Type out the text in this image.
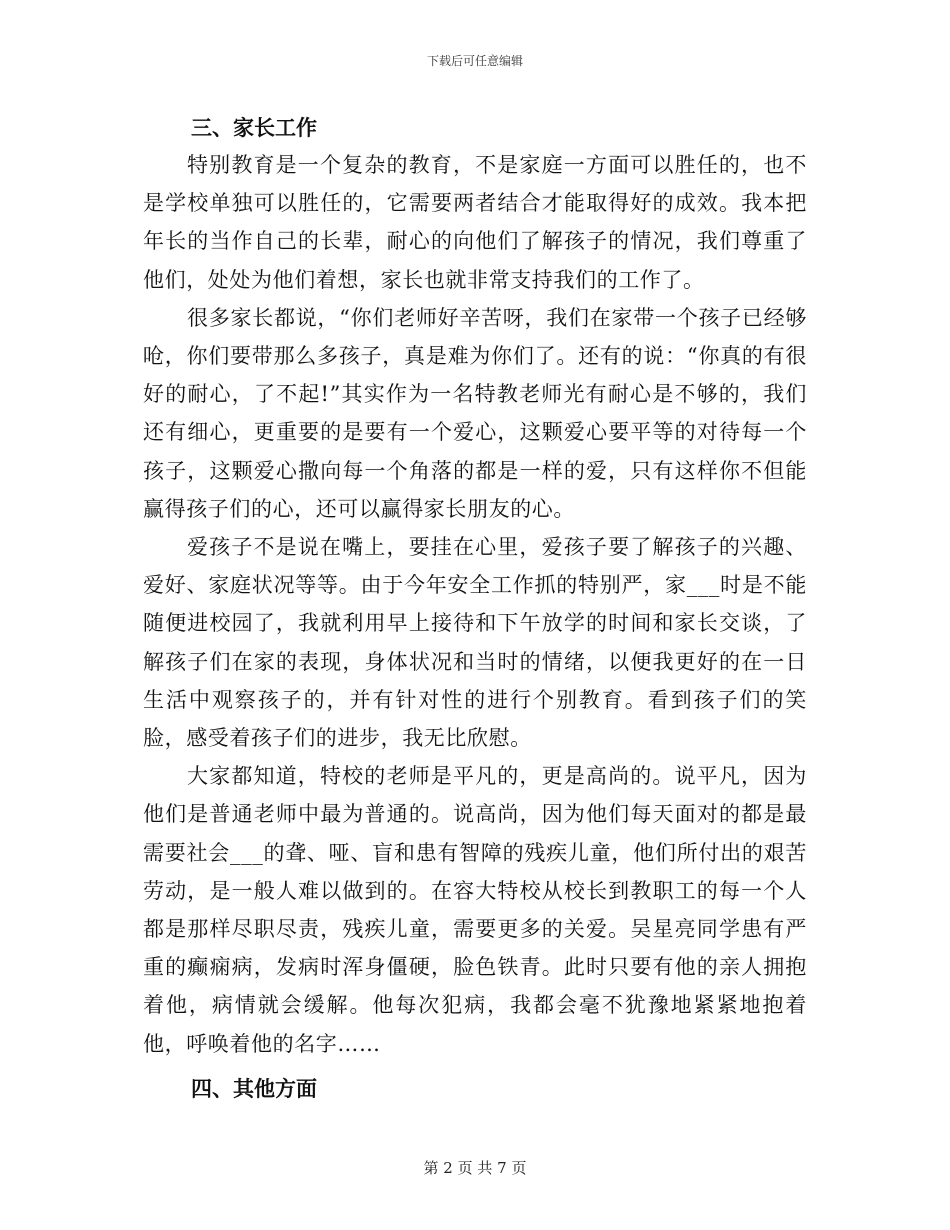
下载后可任意编辑
三、家长工作

特别教育是一个复杂的教育，不是家庭一方面可以胜任的，也不是学校单独可以胜任的，它需要两者结合才能取得好的成效。我本把年长的当作自己的长辈，耐心的向他们了解孩子的情况，我们尊重了他们，处处为他们着想，家长也就非常支持我们的工作了。

很多家长都说，“你们老师好辛苦呀，我们在家带一个孩子已经够呛，你们要带那么多孩子，真是难为你们了。还有的说：“你真的有很好的耐心，了不起!”其实作为一名特教老师光有耐心是不够的，我们还有细心，更重要的是要有一个爱心，这颗爱心要平等的对待每一个孩子，这颗爱心撒向每一个角落的都是一样的爱，只有这样你不但能赢得孩子们的心，还可以赢得家长朋友的心。

爱孩子不是说在嘴上，要挂在心里，爱孩子要了解孩子的兴趣、爱好、家庭状况等等。由于今年安全工作抓的特别严，家___时是不能随便进校园了，我就利用早上接待和下午放学的时间和家长交谈，了解孩子们在家的表现，身体状况和当时的情绪，以便我更好的在一日生活中观察孩子的，并有针对性的进行个别教育。看到孩子们的笑脸，感受着孩子们的进步，我无比欣慰。

大家都知道，特校的老师是平凡的，更是高尚的。说平凡，因为他们是普通老师中最为普通的。说高尚，因为他们每天面对的都是最需要社会___的聋、哑、盲和患有智障的残疾儿童，他们所付出的艰苦劳动，是一般人难以做到的。在容大特校从校长到教职工的每一个人都是那样尽职尽责，残疾儿童，需要更多的关爱。吴星亮同学患有严重的癫痫病，发病时浑身僵硬，脸色铁青。此时只要有他的亲人拥抱着他，病情就会缓解。他每次犯病，我都会毫不犹豫地紧紧地抱着他，呼唤着他的名字……

四、其他方面
第 2 页 共 7 页
